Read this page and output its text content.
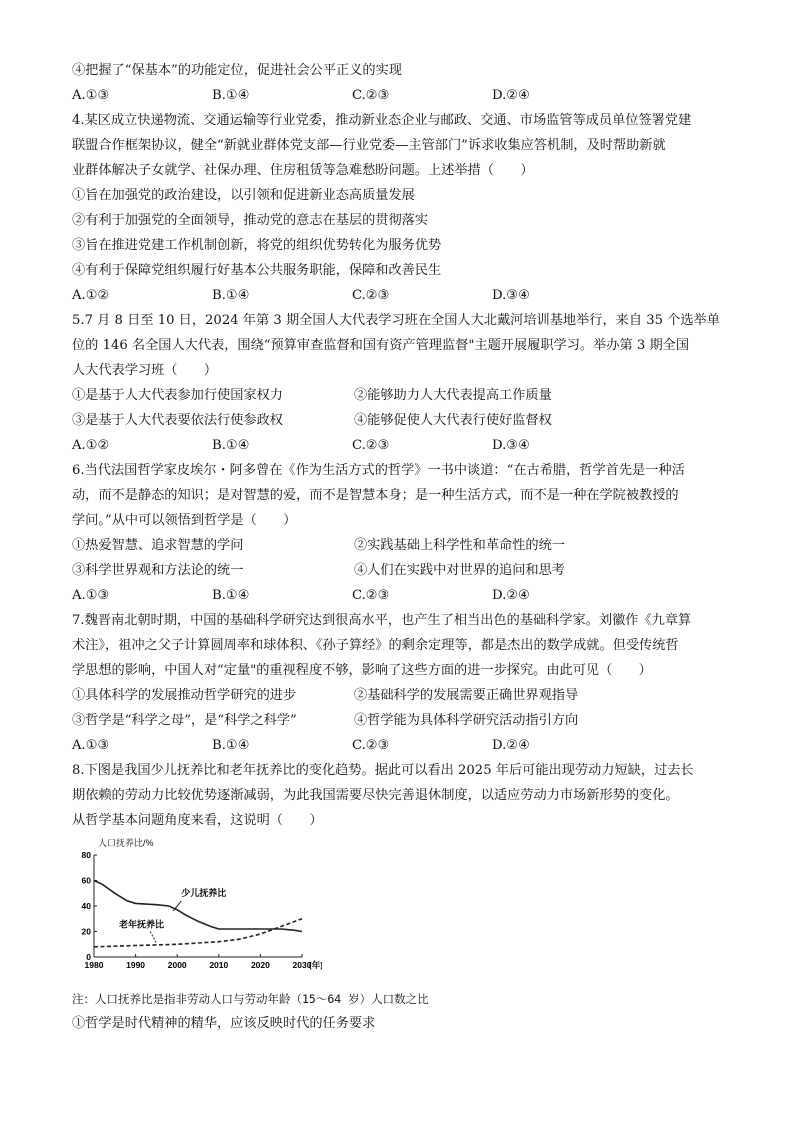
④把握了“保基本”的功能定位，促进社会公平正义的实现
A.①③	B.①④	C.②③	D.②④
4.某区成立快递物流、交通运输等行业党委，推动新业态企业与邮政、交通、市场监管等成员单位签署党建
联盟合作框架协议，健全“新就业群体党支部—行业党委—主管部门”诉求收集应答机制，及时帮助新就
业群体解决子女就学、社保办理、住房租赁等急难愁盼问题。上述举措（　　）
①旨在加强党的政治建设，以引领和促进新业态高质量发展
②有利于加强党的全面领导，推动党的意志在基层的贯彻落实
③旨在推进党建工作机制创新，将党的组织优势转化为服务优势
④有利于保障党组织履行好基本公共服务职能，保障和改善民生
A.①②	B.①④	C.②③	D.③④
5.7 月 8 日至 10 日，2024 年第 3 期全国人大代表学习班在全国人大北戴河培训基地举行，来自 35 个选举单
位的 146 名全国人大代表，围绕“预算审查监督和国有资产管理监督"主题开展履职学习。举办第 3 期全国
人大代表学习班（　　）
①是基于人大代表参加行使国家权力	②能够助力人大代表提高工作质量
③是基于人大代表要依法行使参政权	④能够促使人大代表行使好监督权
A.①②	B.①④	C.②③	D.③④
6.当代法国哲学家皮埃尔・阿多曾在《作为生活方式的哲学》一书中谈道：“在古希腊，哲学首先是一种活
动，而不是静态的知识；是对智慧的爱，而不是智慧本身；是一种生活方式，而不是一种在学院被教授的
学问。”从中可以领悟到哲学是（　　）
①热爱智慧、追求智慧的学问	②实践基础上科学性和革命性的统一
③科学世界观和方法论的统一	④人们在实践中对世界的追问和思考
A.①③	B.①④	C.②③	D.②④
7.魏晋南北朝时期，中国的基础科学研究达到很高水平，也产生了相当出色的基础科学家。刘徽作《九章算
术注》，祖冲之父子计算圆周率和球体积、《孙子算经》的剩余定理等，都是杰出的数学成就。但受传统哲
学思想的影响，中国人对“定量"的重视程度不够，影响了这些方面的进一步探究。由此可见（　　）
①具体科学的发展推动哲学研究的进步	②基础科学的发展需要正确世界观指导
③哲学是“科学之母”，是“科学之科学”	④哲学能为具体科学研究活动指引方向
A.①③	B.①④	C.②③	D.②④
8.下图是我国少儿抚养比和老年抚养比的变化趋势。据此可以看出 2025 年后可能出现劳动力短缺，过去长
期依赖的劳动力比较优势逐渐减弱，为此我国需要尽快完善退休制度，以适应劳动力市场新形势的变化。
从哲学基本问题角度来看，这说明（　　）
人口抚养比/%
0
20
40
60
80
1980	1990	2000	2010	2020	2030
(年)
少儿抚养比
老年抚养比
注：人口抚养比是指非劳动人口与劳动年龄（15～64 岁）人口数之比
①哲学是时代精神的精华，应该反映时代的任务要求
